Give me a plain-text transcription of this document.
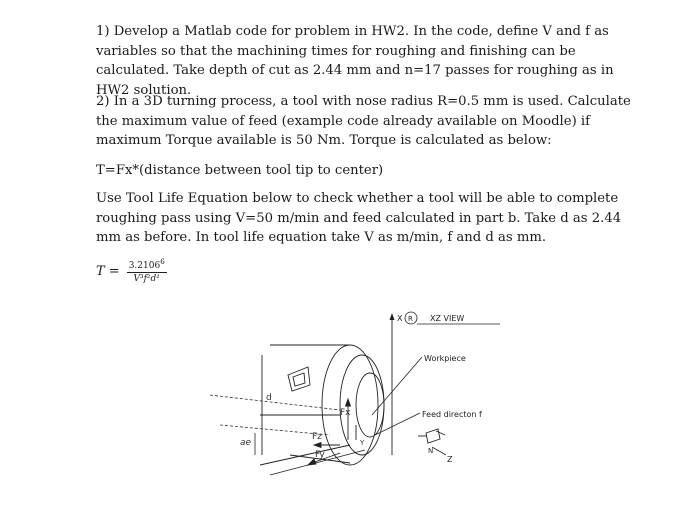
1) Develop a Matlab code for problem in HW2. In the code, define V and f as variables so that the machining times for roughing and finishing can be calculated. Take depth of cut as 2.44 mm and n=17 passes for roughing as in HW2 solution.

2) In a 3D turning process, a tool with nose radius R=0.5 mm is used. Calculate the maximum value of feed (example code already available on Moodle) if maximum Torque available is 50 Nm. Torque is calculated as below:

T=Fx*(distance between tool tip to center)

Use Tool Life Equation below to check whether a tool will be able to complete roughing pass using V=50 m/min and feed calculated in part b. Take d as 2.44 mm as before. In tool life equation take V as m/min, f and d as mm.

$T = \frac{3.2106^6}{\text{V³f²d¹}}$
X R XZ VIEW
Workpiece
d
ae
Fx
Fz
Fy
Y
Feed directon f
Z
N
